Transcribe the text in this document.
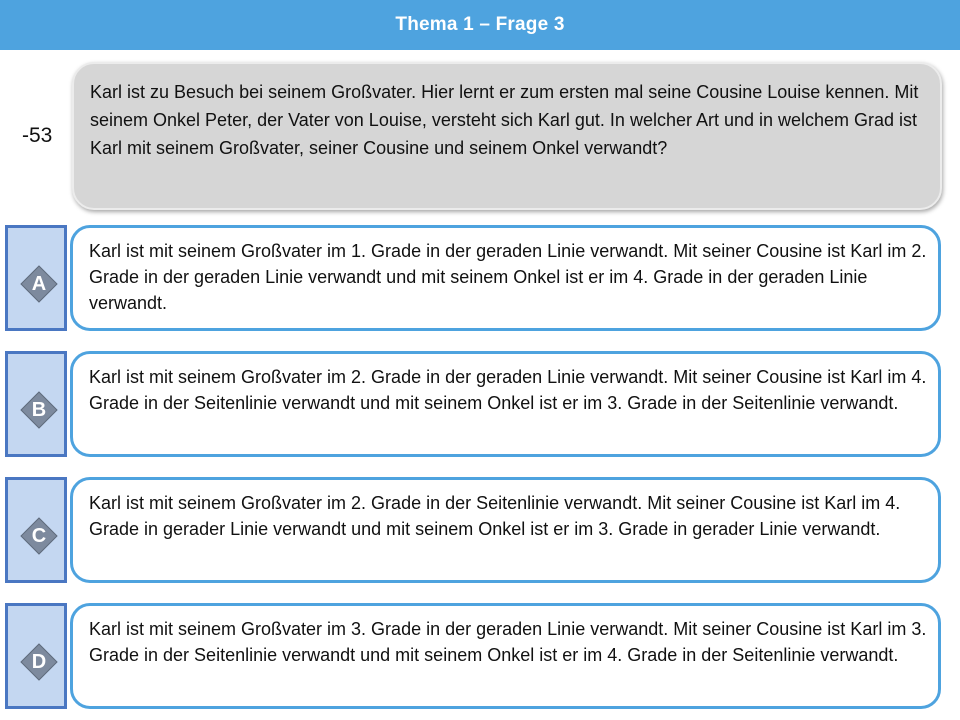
Thema 1 – Frage 3
-53
Karl ist zu Besuch bei seinem Großvater. Hier lernt er zum ersten mal seine Cousine Louise kennen. Mit seinem Onkel Peter, der Vater von Louise, versteht sich Karl gut. In welcher Art und in welchem Grad ist Karl mit seinem Großvater, seiner Cousine und seinem Onkel verwandt?
A
Karl ist mit seinem Großvater im 1. Grade in der geraden Linie verwandt. Mit seiner Cousine ist Karl im 2. Grade in der geraden Linie verwandt und mit seinem Onkel ist er im 4. Grade in der geraden Linie verwandt.
B
Karl ist mit seinem Großvater im 2. Grade in der geraden Linie verwandt. Mit seiner Cousine ist Karl im 4. Grade in der Seitenlinie verwandt und mit seinem Onkel ist er im 3. Grade in der Seitenlinie verwandt.
C
Karl ist mit seinem Großvater im 2. Grade in der Seitenlinie verwandt. Mit seiner Cousine ist Karl im 4. Grade in gerader Linie verwandt und mit seinem Onkel ist er im 3. Grade in gerader Linie verwandt.
D
Karl ist mit seinem Großvater im 3. Grade in der geraden Linie verwandt. Mit seiner Cousine ist Karl im 3. Grade in der Seitenlinie verwandt und mit seinem Onkel ist er im 4. Grade in der Seitenlinie verwandt.
